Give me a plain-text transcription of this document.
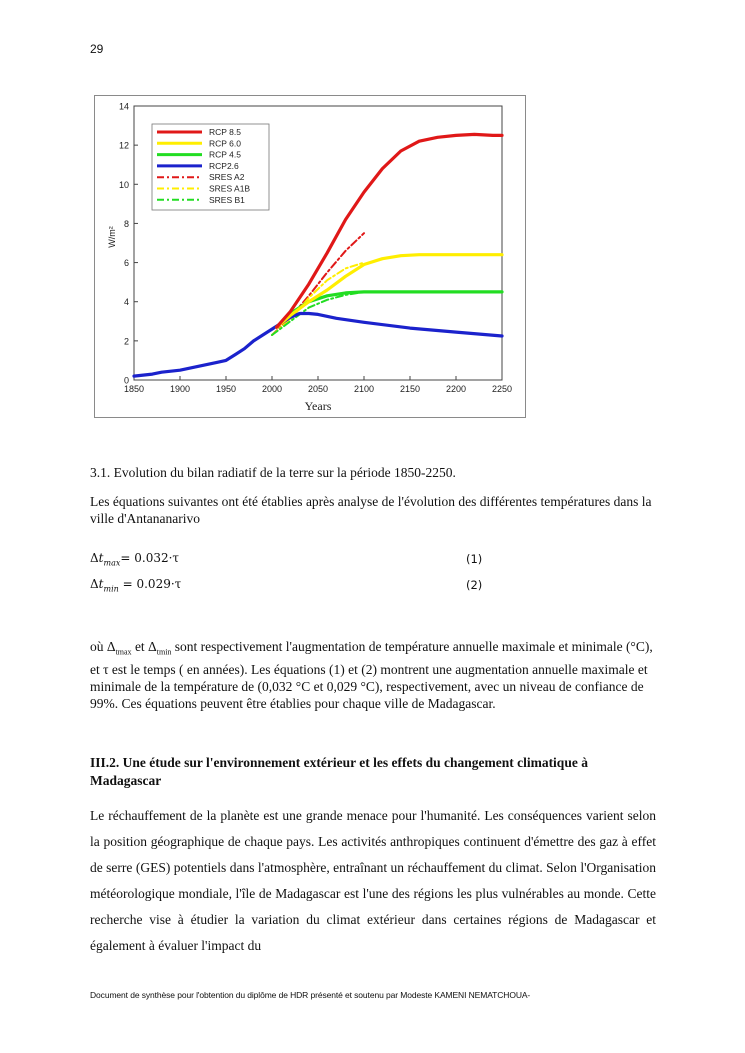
29
0
2
4
6
8
10
12
14
1850	1900	1950	2000	2050	2100	2150	2200	2250
Years
W/m²
RCP 8.5
RCP 6.0
RCP 4.5
RCP2.6
SRES A2
SRES A1B
SRES B1
3.1. Evolution du bilan radiatif de la terre sur la période 1850-2250.
Les équations suivantes ont été établies après analyse de l'évolution des différentes températures dans la ville d'Antananarivo
$\Delta t_{max}= 0.032\cdot\tau$	(1)
$\Delta t_{min} = 0.029\cdot\tau$	(2)
où $\Delta_{tmax}$ et $\Delta_{tmin}$ sont respectivement l'augmentation de température annuelle maximale et minimale (°C), et τ est le temps ( en années). Les équations (1) et (2) montrent une augmentation annuelle maximale et minimale de la température de (0,032 °C et 0,029 °C), respectivement, avec un niveau de confiance de 99%. Ces équations peuvent être établies pour chaque ville de Madagascar.
III.2. Une étude sur l'environnement extérieur et les effets du changement climatique à Madagascar
Le réchauffement de la planète est une grande menace pour l'humanité. Les conséquences varient selon la position géographique de chaque pays. Les activités anthropiques continuent d'émettre des gaz à effet de serre (GES) potentiels dans l'atmosphère, entraînant un réchauffement du climat. Selon l'Organisation météorologique mondiale, l'île de Madagascar est l'une des régions les plus vulnérables au monde. Cette recherche vise à étudier la variation du climat extérieur dans certaines régions de Madagascar et également à évaluer l'impact du
Document de synthèse pour l'obtention du diplôme de HDR présenté et soutenu par Modeste KAMENI NEMATCHOUA-
